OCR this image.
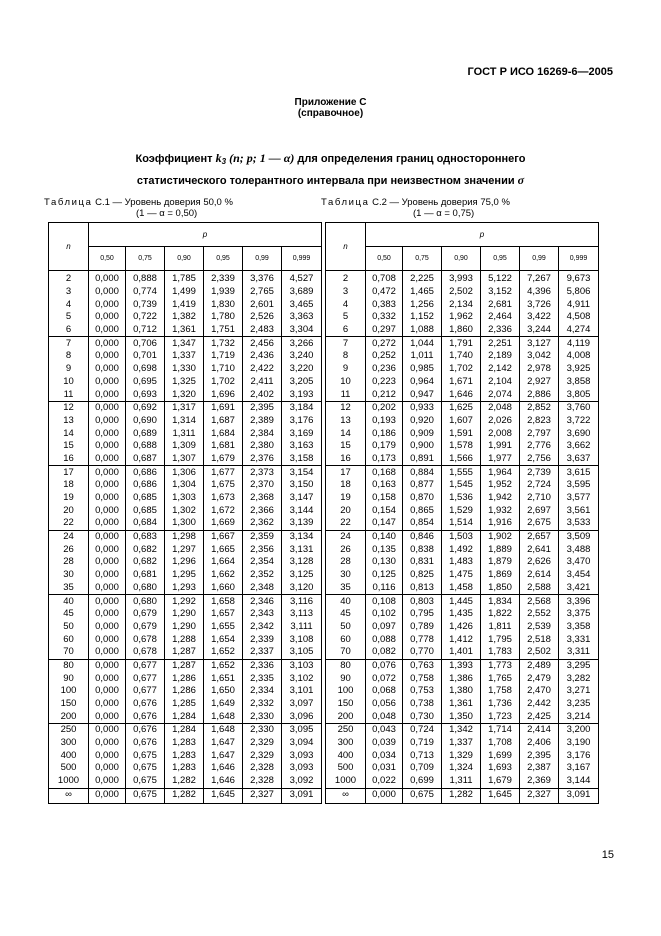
ГОСТ Р ИСО 16269-6—2005
Приложение С
(справочное)
Коэффициент $k_3$ (n; p; 1 — α) для определения границ одностороннего
статистического толерантного интервала при неизвестном значении σ
Таблица С.1 — Уровень доверия 50,0 %
(1 — α = 0,50)
Таблица С.2 — Уровень доверия 75,0 %
(1 — α = 0,75)
n	p					
	0,50	0,75	0,90	0,95	0,99	0,999
2	0,000	0,888	1,785	2,339	3,376	4,527
3	0,000	0,774	1,499	1,939	2,765	3,689
4	0,000	0,739	1,419	1,830	2,601	3,465
5	0,000	0,722	1,382	1,780	2,526	3,363
6	0,000	0,712	1,361	1,751	2,483	3,304
7	0,000	0,706	1,347	1,732	2,456	3,266
8	0,000	0,701	1,337	1,719	2,436	3,240
9	0,000	0,698	1,330	1,710	2,422	3,220
10	0,000	0,695	1,325	1,702	2,411	3,205
11	0,000	0,693	1,320	1,696	2,402	3,193
12	0,000	0,692	1,317	1,691	2,395	3,184
13	0,000	0,690	1,314	1,687	2,389	3,176
14	0,000	0,689	1,311	1,684	2,384	3,169
15	0,000	0,688	1,309	1,681	2,380	3,163
16	0,000	0,687	1,307	1,679	2,376	3,158
17	0,000	0,686	1,306	1,677	2,373	3,154
18	0,000	0,686	1,304	1,675	2,370	3,150
19	0,000	0,685	1,303	1,673	2,368	3,147
20	0,000	0,685	1,302	1,672	2,366	3,144
22	0,000	0,684	1,300	1,669	2,362	3,139
24	0,000	0,683	1,298	1,667	2,359	3,134
26	0,000	0,682	1,297	1,665	2,356	3,131
28	0,000	0,682	1,296	1,664	2,354	3,128
30	0,000	0,681	1,295	1,662	2,352	3,125
35	0,000	0,680	1,293	1,660	2,348	3,120
40	0,000	0,680	1,292	1,658	2,346	3,116
45	0,000	0,679	1,290	1,657	2,343	3,113
50	0,000	0,679	1,290	1,655	2,342	3,111
60	0,000	0,678	1,288	1,654	2,339	3,108
70	0,000	0,678	1,287	1,652	2,337	3,105
80	0,000	0,677	1,287	1,652	2,336	3,103
90	0,000	0,677	1,286	1,651	2,335	3,102
100	0,000	0,677	1,286	1,650	2,334	3,101
150	0,000	0,676	1,285	1,649	2,332	3,097
200	0,000	0,676	1,284	1,648	2,330	3,096
250	0,000	0,676	1,284	1,648	2,330	3,095
300	0,000	0,676	1,283	1,647	2,329	3,094
400	0,000	0,675	1,283	1,647	2,329	3,093
500	0,000	0,675	1,283	1,646	2,328	3,093
1000	0,000	0,675	1,282	1,646	2,328	3,092
∞	0,000	0,675	1,282	1,645	2,327	3,091
n	p					
	0,50	0,75	0,90	0,95	0,99	0,999
2	0,708	2,225	3,993	5,122	7,267	9,673
3	0,472	1,465	2,502	3,152	4,396	5,806
4	0,383	1,256	2,134	2,681	3,726	4,911
5	0,332	1,152	1,962	2,464	3,422	4,508
6	0,297	1,088	1,860	2,336	3,244	4,274
7	0,272	1,044	1,791	2,251	3,127	4,119
8	0,252	1,011	1,740	2,189	3,042	4,008
9	0,236	0,985	1,702	2,142	2,978	3,925
10	0,223	0,964	1,671	2,104	2,927	3,858
11	0,212	0,947	1,646	2,074	2,886	3,805
12	0,202	0,933	1,625	2,048	2,852	3,760
13	0,193	0,920	1,607	2,026	2,823	3,722
14	0,186	0,909	1,591	2,008	2,797	3,690
15	0,179	0,900	1,578	1,991	2,776	3,662
16	0,173	0,891	1,566	1,977	2,756	3,637
17	0,168	0,884	1,555	1,964	2,739	3,615
18	0,163	0,877	1,545	1,952	2,724	3,595
19	0,158	0,870	1,536	1,942	2,710	3,577
20	0,154	0,865	1,529	1,932	2,697	3,561
22	0,147	0,854	1,514	1,916	2,675	3,533
24	0,140	0,846	1,503	1,902	2,657	3,509
26	0,135	0,838	1,492	1,889	2,641	3,488
28	0,130	0,831	1,483	1,879	2,626	3,470
30	0,125	0,825	1,475	1,869	2,614	3,454
35	0,116	0,813	1,458	1,850	2,588	3,421
40	0,108	0,803	1,445	1,834	2,568	3,396
45	0,102	0,795	1,435	1,822	2,552	3,375
50	0,097	0,789	1,426	1,811	2,539	3,358
60	0,088	0,778	1,412	1,795	2,518	3,331
70	0,082	0,770	1,401	1,783	2,502	3,311
80	0,076	0,763	1,393	1,773	2,489	3,295
90	0,072	0,758	1,386	1,765	2,479	3,282
100	0,068	0,753	1,380	1,758	2,470	3,271
150	0,056	0,738	1,361	1,736	2,442	3,235
200	0,048	0,730	1,350	1,723	2,425	3,214
250	0,043	0,724	1,342	1,714	2,414	3,200
300	0,039	0,719	1,337	1,708	2,406	3,190
400	0,034	0,713	1,329	1,699	2,395	3,176
500	0,031	0,709	1,324	1,693	2,387	3,167
1000	0,022	0,699	1,311	1,679	2,369	3,144
∞	0,000	0,675	1,282	1,645	2,327	3,091
15
